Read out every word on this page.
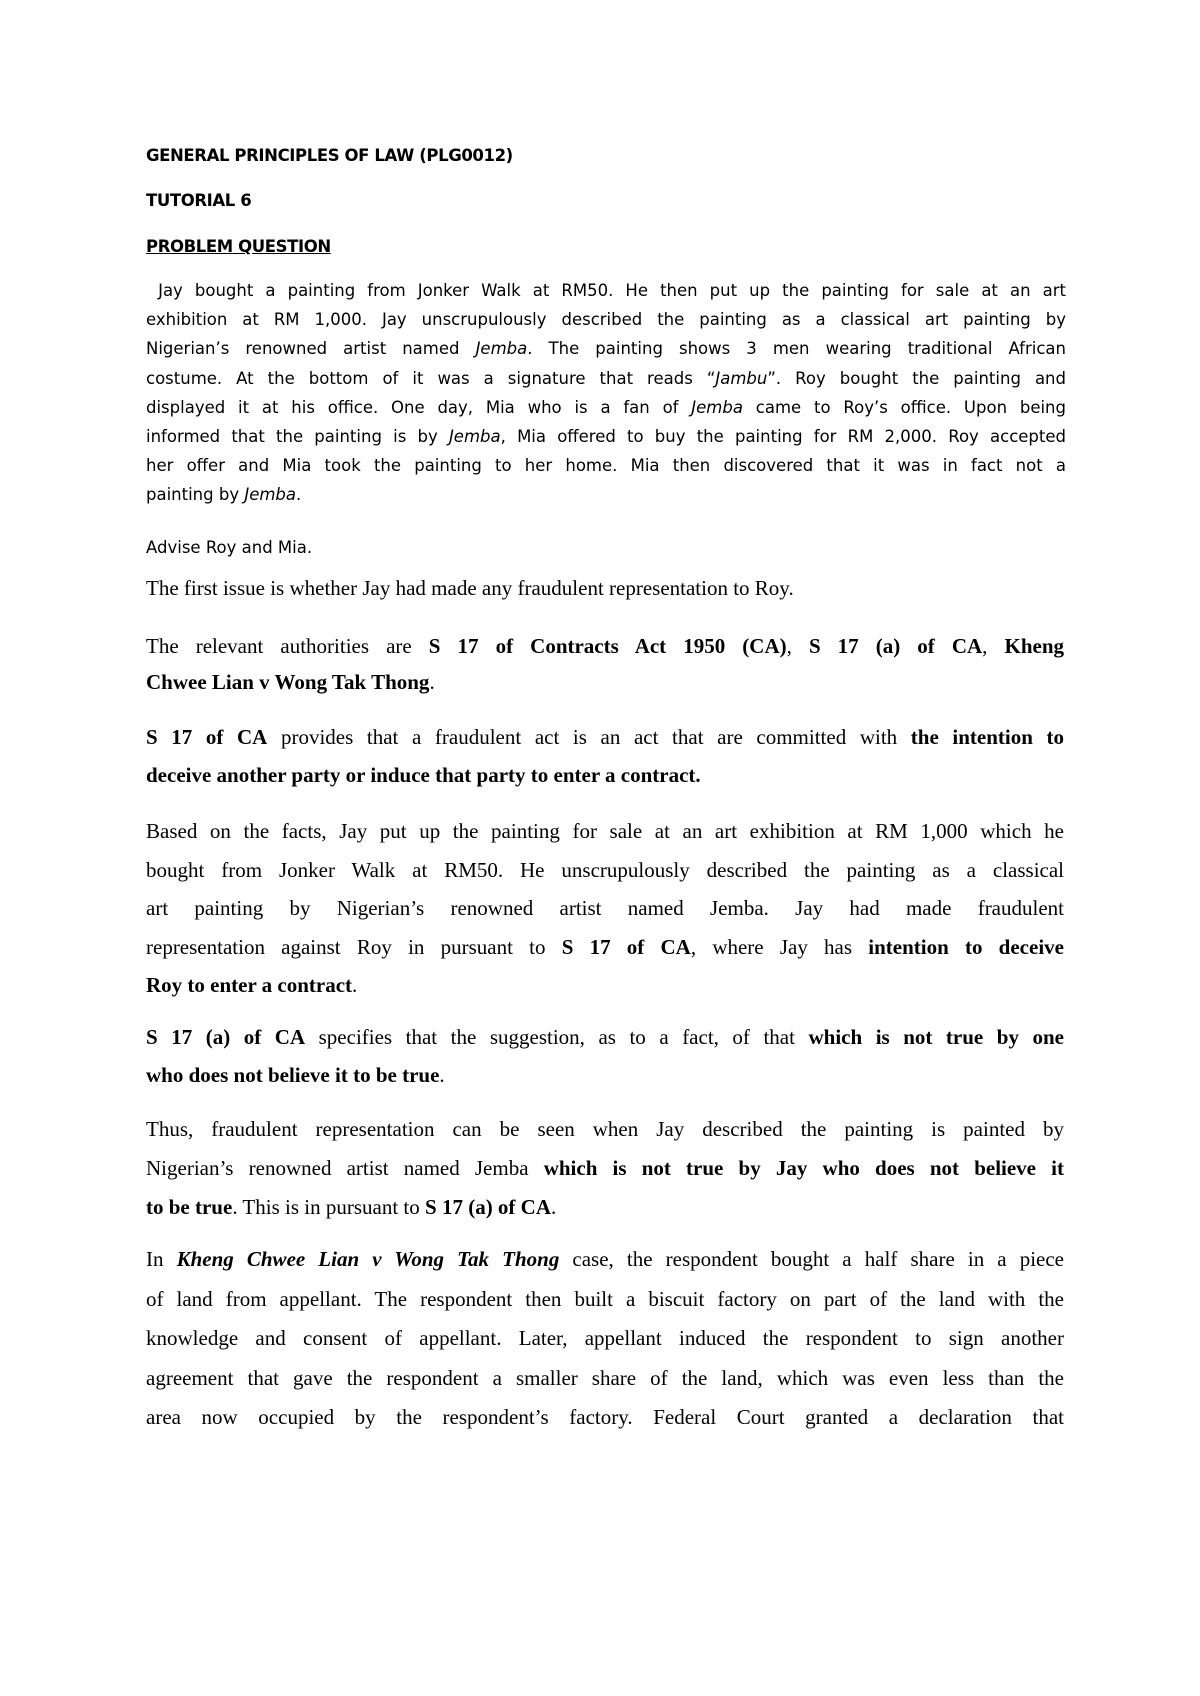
GENERAL PRINCIPLES OF LAW (PLG0012)

TUTORIAL 6

PROBLEM QUESTION

Jay bought a painting from Jonker Walk at RM50. He then put up the painting for sale at an art
exhibition at RM 1,000. Jay unscrupulously described the painting as a classical art painting by
Nigerian’s renowned artist named Jemba. The painting shows 3 men wearing traditional African
costume. At the bottom of it was a signature that reads “Jambu”. Roy bought the painting and
displayed it at his office. One day, Mia who is a fan of Jemba came to Roy’s office. Upon being
informed that the painting is by Jemba, Mia offered to buy the painting for RM 2,000. Roy accepted
her offer and Mia took the painting to her home. Mia then discovered that it was in fact not a
painting by Jemba.

Advise Roy and Mia.

The first issue is whether Jay had made any fraudulent representation to Roy.

The relevant authorities are S 17 of Contracts Act 1950 (CA), S 17 (a) of CA, Kheng
Chwee Lian v Wong Tak Thong.
S 17 of CA provides that a fraudulent act is an act that are committed with the intention to
deceive another party or induce that party to enter a contract.
Based on the facts, Jay put up the painting for sale at an art exhibition at RM 1,000 which he
bought from Jonker Walk at RM50. He unscrupulously described the painting as a classical
art painting by Nigerian’s renowned artist named Jemba. Jay had made fraudulent
representation against Roy in pursuant to S 17 of CA, where Jay has intention to deceive
Roy to enter a contract.
S 17 (a) of CA specifies that the suggestion, as to a fact, of that which is not true by one
who does not believe it to be true.
Thus, fraudulent representation can be seen when Jay described the painting is painted by
Nigerian’s renowned artist named Jemba which is not true by Jay who does not believe it
to be true. This is in pursuant to S 17 (a) of CA.
In Kheng Chwee Lian v Wong Tak Thong case, the respondent bought a half share in a piece
of land from appellant. The respondent then built a biscuit factory on part of the land with the
knowledge and consent of appellant. Later, appellant induced the respondent to sign another
agreement that gave the respondent a smaller share of the land, which was even less than the
area now occupied by the respondent’s factory. Federal Court granted a declaration that
